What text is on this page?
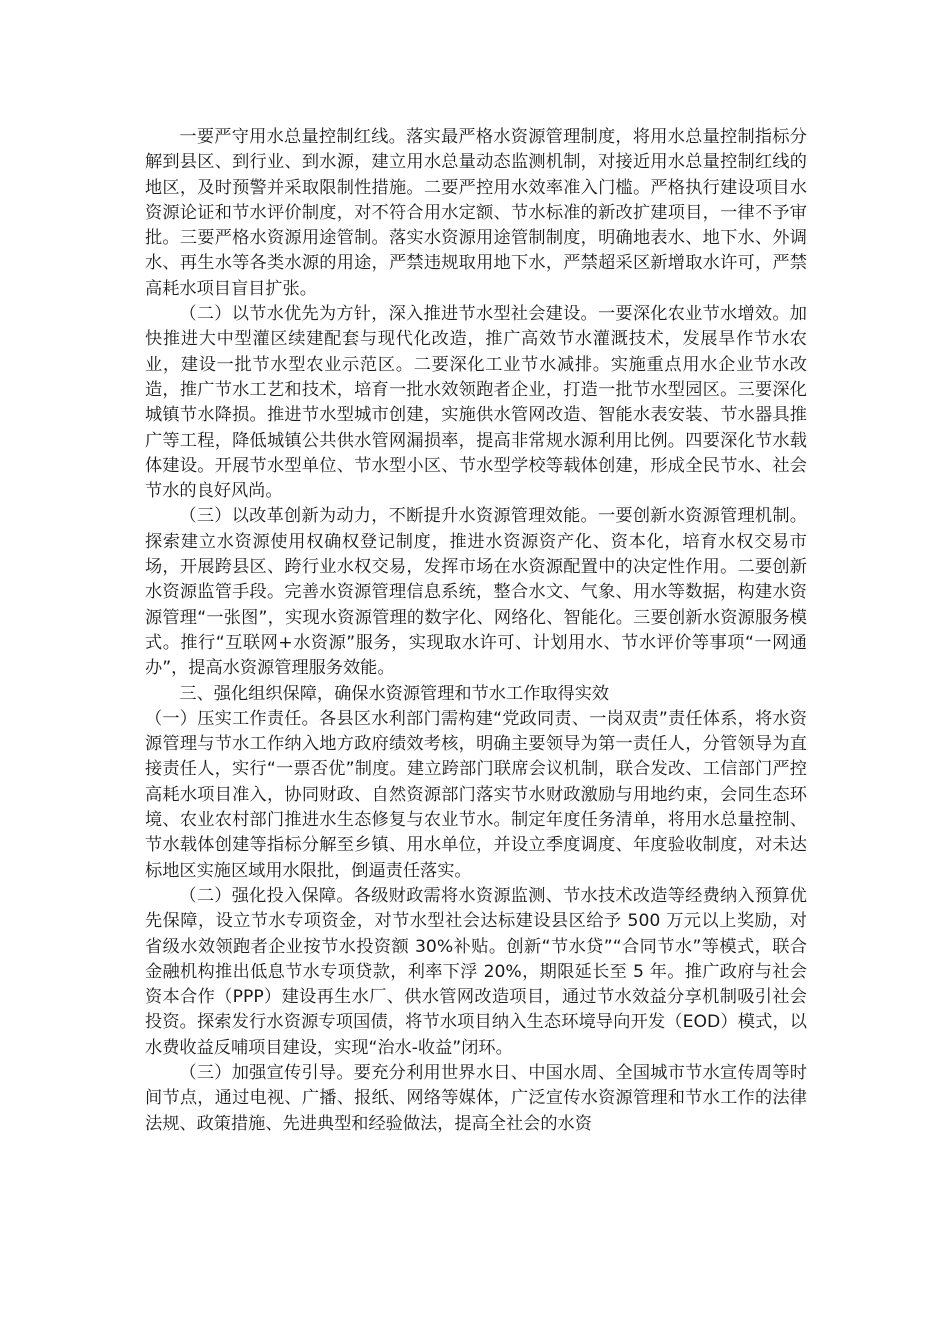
一要严守用水总量控制红线。落实最严格水资源管理制度，将用水总量控制指标分解到县区、到行业、到水源，建立用水总量动态监测机制，对接近用水总量控制红线的地区，及时预警并采取限制性措施。二要严控用水效率准入门槛。严格执行建设项目水资源论证和节水评价制度，对不符合用水定额、节水标准的新改扩建项目，一律不予审批。三要严格水资源用途管制。落实水资源用途管制制度，明确地表水、地下水、外调水、再生水等各类水源的用途，严禁违规取用地下水，严禁超采区新增取水许可，严禁高耗水项目盲目扩张。

（二）以节水优先为方针，深入推进节水型社会建设。一要深化农业节水增效。加快推进大中型灌区续建配套与现代化改造，推广高效节水灌溉技术，发展旱作节水农业，建设一批节水型农业示范区。二要深化工业节水减排。实施重点用水企业节水改造，推广节水工艺和技术，培育一批水效领跑者企业，打造一批节水型园区。三要深化城镇节水降损。推进节水型城市创建，实施供水管网改造、智能水表安装、节水器具推广等工程，降低城镇公共供水管网漏损率，提高非常规水源利用比例。四要深化节水载体建设。开展节水型单位、节水型小区、节水型学校等载体创建，形成全民节水、社会节水的良好风尚。

（三）以改革创新为动力，不断提升水资源管理效能。一要创新水资源管理机制。探索建立水资源使用权确权登记制度，推进水资源资产化、资本化，培育水权交易市场，开展跨县区、跨行业水权交易，发挥市场在水资源配置中的决定性作用。二要创新水资源监管手段。完善水资源管理信息系统，整合水文、气象、用水等数据，构建水资源管理“一张图”，实现水资源管理的数字化、网络化、智能化。三要创新水资源服务模式。推行“互联网+水资源”服务，实现取水许可、计划用水、节水评价等事项“一网通办”，提高水资源管理服务效能。

三、强化组织保障，确保水资源管理和节水工作取得实效

（一）压实工作责任。各县区水利部门需构建“党政同责、一岗双责”责任体系，将水资源管理与节水工作纳入地方政府绩效考核，明确主要领导为第一责任人，分管领导为直接责任人，实行“一票否优”制度。建立跨部门联席会议机制，联合发改、工信部门严控高耗水项目准入，协同财政、自然资源部门落实节水财政激励与用地约束，会同生态环境、农业农村部门推进水生态修复与农业节水。制定年度任务清单，将用水总量控制、节水载体创建等指标分解至乡镇、用水单位，并设立季度调度、年度验收制度，对未达标地区实施区域用水限批，倒逼责任落实。

（二）强化投入保障。各级财政需将水资源监测、节水技术改造等经费纳入预算优先保障，设立节水专项资金，对节水型社会达标建设县区给予 500 万元以上奖励，对省级水效领跑者企业按节水投资额 30%补贴。创新“节水贷”“合同节水”等模式，联合金融机构推出低息节水专项贷款，利率下浮 20%，期限延长至 5 年。推广政府与社会资本合作（PPP）建设再生水厂、供水管网改造项目，通过节水效益分享机制吸引社会投资。探索发行水资源专项国债，将节水项目纳入生态环境导向开发（EOD）模式，以水费收益反哺项目建设，实现“治水-收益”闭环。

（三）加强宣传引导。要充分利用世界水日、中国水周、全国城市节水宣传周等时间节点，通过电视、广播、报纸、网络等媒体，广泛宣传水资源管理和节水工作的法律法规、政策措施、先进典型和经验做法，提高全社会的水资
